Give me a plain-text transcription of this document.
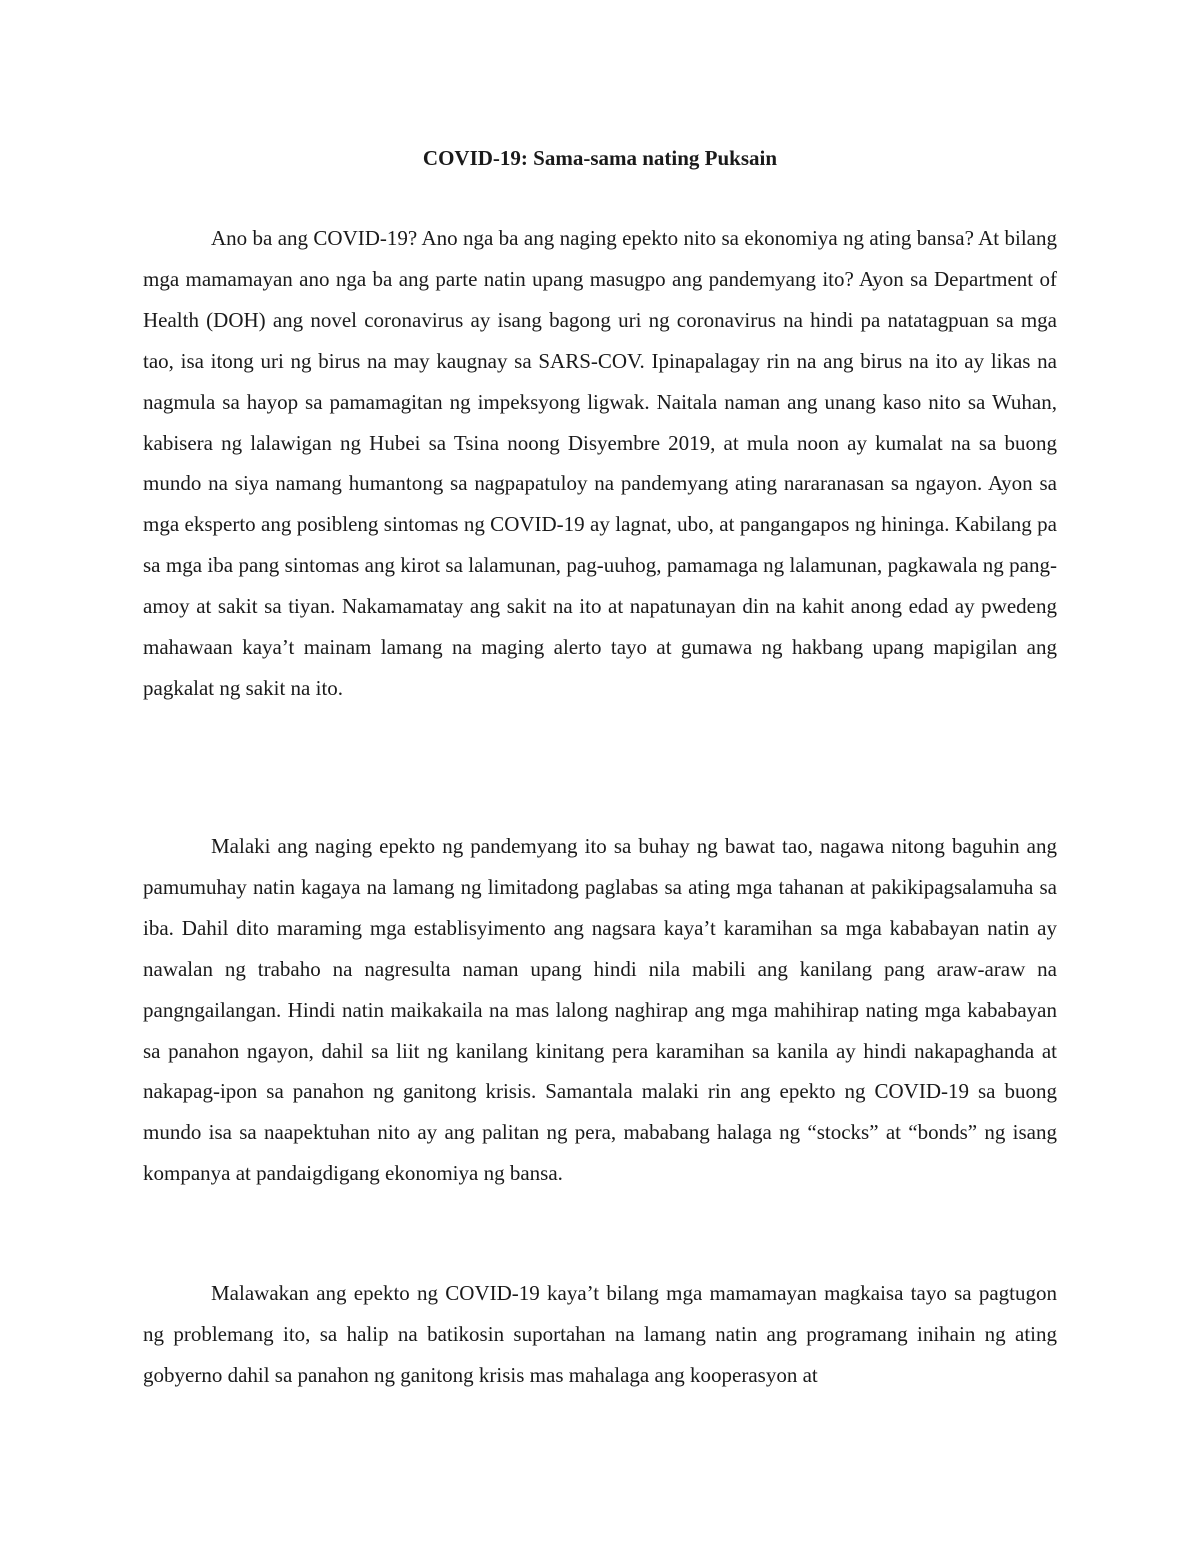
COVID-19: Sama-sama nating Puksain

Ano ba ang COVID-19? Ano nga ba ang naging epekto nito sa ekonomiya ng ating bansa? At bilang mga mamamayan ano nga ba ang parte natin upang masugpo ang pandemyang ito? Ayon sa Department of Health (DOH) ang novel coronavirus ay isang bagong uri ng coronavirus na hindi pa natatagpuan sa mga tao, isa itong uri ng birus na may kaugnay sa SARS-COV. Ipinapalagay rin na ang birus na ito ay likas na nagmula sa hayop sa pamamagitan ng impeksyong ligwak. Naitala naman ang unang kaso nito sa Wuhan, kabisera ng lalawigan ng Hubei sa Tsina noong Disyembre 2019, at mula noon ay kumalat na sa buong mundo na siya namang humantong sa nagpapatuloy na pandemyang ating nararanasan sa ngayon. Ayon sa mga eksperto ang posibleng sintomas ng COVID-19 ay lagnat, ubo, at pangangapos ng hininga. Kabilang pa sa mga iba pang sintomas ang kirot sa lalamunan, pag-uuhog, pamamaga ng lalamunan, pagkawala ng pang-amoy at sakit sa tiyan. Nakamamatay ang sakit na ito at napatunayan din na kahit anong edad ay pwedeng mahawaan kaya’t mainam lamang na maging alerto tayo at gumawa ng hakbang upang mapigilan ang pagkalat ng sakit na ito.

Malaki ang naging epekto ng pandemyang ito sa buhay ng bawat tao, nagawa nitong baguhin ang pamumuhay natin kagaya na lamang ng limitadong paglabas sa ating mga tahanan at pakikipagsalamuha sa iba. Dahil dito maraming mga establisyimento ang nagsara kaya’t karamihan sa mga kababayan natin ay nawalan ng trabaho na nagresulta naman upang hindi nila mabili ang kanilang pang araw-araw na pangngailangan. Hindi natin maikakaila na mas lalong naghirap ang mga mahihirap nating mga kababayan sa panahon ngayon, dahil sa liit ng kanilang kinitang pera karamihan sa kanila ay hindi nakapaghanda at nakapag-ipon sa panahon ng ganitong krisis. Samantala malaki rin ang epekto ng COVID-19 sa buong mundo isa sa naapektuhan nito ay ang palitan ng pera, mababang halaga ng “stocks” at “bonds” ng isang kompanya at pandaigdigang ekonomiya ng bansa.

Malawakan ang epekto ng COVID-19 kaya’t bilang mga mamamayan magkaisa tayo sa pagtugon ng problemang ito, sa halip na batikosin suportahan na lamang natin ang programang inihain ng ating gobyerno dahil sa panahon ng ganitong krisis mas mahalaga ang kooperasyon at
